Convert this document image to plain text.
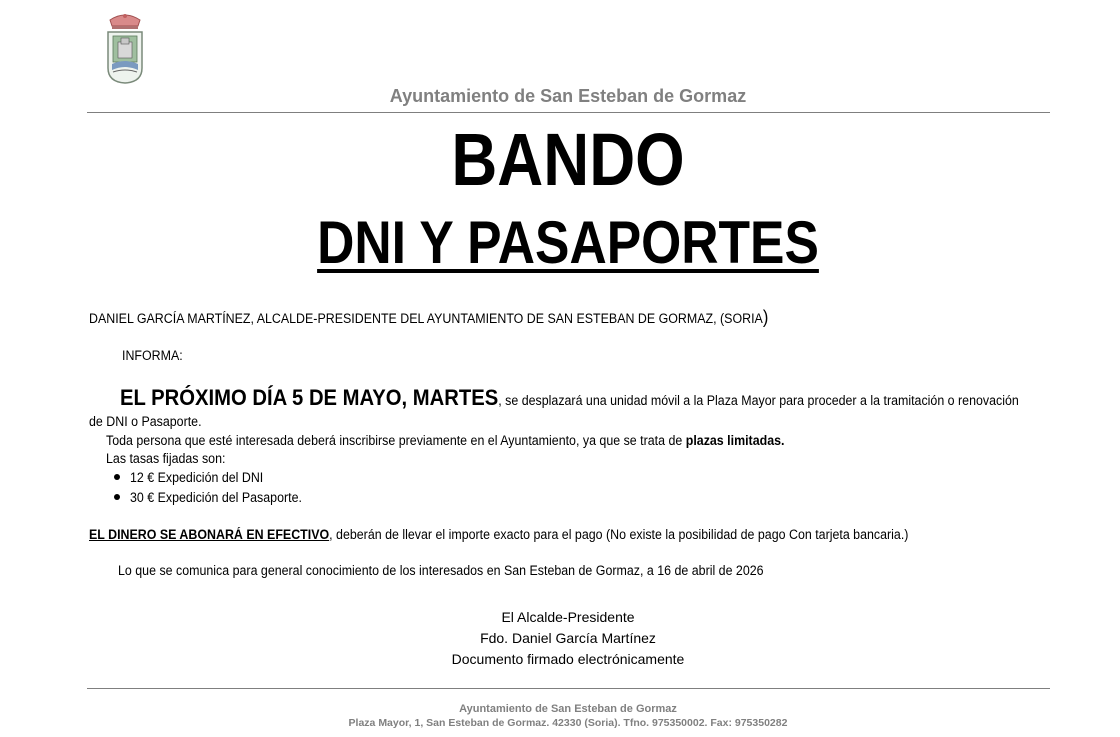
Ayuntamiento de San Esteban de Gormaz
BANDO
DNI Y PASAPORTES
DANIEL GARCÍA MARTÍNEZ, ALCALDE-PRESIDENTE DEL AYUNTAMIENTO DE SAN ESTEBAN DE GORMAZ, (SORIA)
INFORMA:
EL PRÓXIMO DÍA 5 DE MAYO, MARTES, se desplazará una unidad móvil a la Plaza Mayor para proceder a la tramitación o renovación
de DNI o Pasaporte.
Toda persona que esté interesada deberá inscribirse previamente en el Ayuntamiento, ya que se trata de plazas limitadas.
Las tasas fijadas son:
12 € Expedición del DNI
30 € Expedición del Pasaporte.
EL DINERO SE ABONARÁ EN EFECTIVO, deberán de llevar el importe exacto para el pago (No existe la posibilidad de pago Con tarjeta bancaria.)
Lo que se comunica para general conocimiento de los interesados en San Esteban de Gormaz, a 16 de abril de 2026
El Alcalde-Presidente
Fdo. Daniel García Martínez
Documento firmado electrónicamente
Ayuntamiento de San Esteban de Gormaz
Plaza Mayor, 1, San Esteban de Gormaz. 42330 (Soria). Tfno. 975350002. Fax: 975350282
